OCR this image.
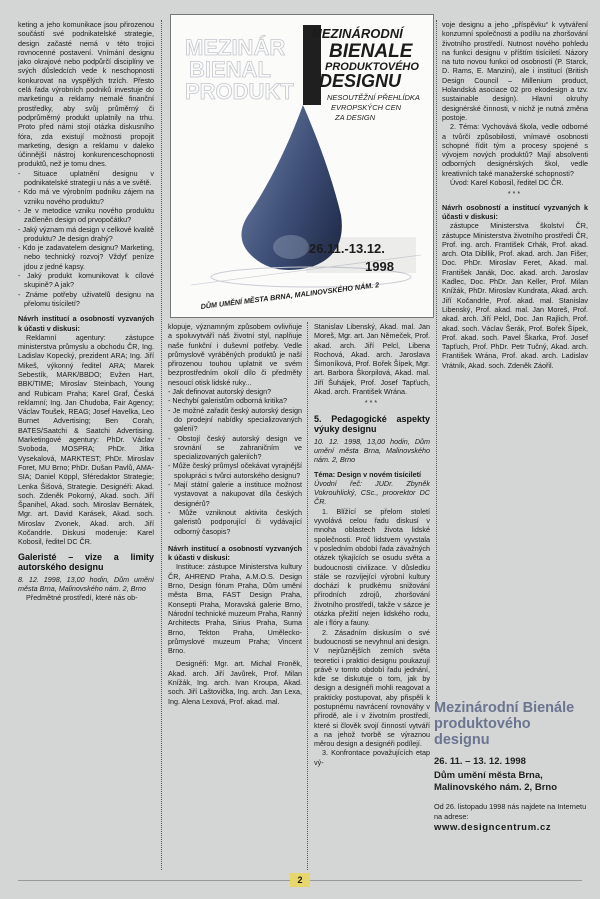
keting a jeho komunikace jsou přirozenou součástí své podnikatelské strategie, design začasté nemá v této trojici rovnocenné postavení. Vnímání designu jako okrajové nebo podpůrčí disciplíny ve svých důsledcích vede k neschopnosti konkurovat na vyspělých trzích. Přesto celá řada výrobních podniků investuje do marketingu a reklamy nemalé finanční prostředky, aby svůj průměrný či podprůměrný produkt uplatnily na trhu. Proto před námi stojí otázka diskusního fóra, zda existují možnosti propojit marketing, design a reklamu v daleko účinnější nástroj konkurenceschopnosti produktů, než je tomu dnes.

- Situace uplatnění designu v podnikatelské strategii u nás a ve světě.

- Kdo má ve výrobním podniku zájem na vzniku nového produktu?

- Je v metodice vzniku nového produktu začleněn design od prvopočátku?

- Jaký význam má design v celkové kvalitě produktu? Je design drahý?

- Kdo je zadavatelem designu? Marketing, nebo technický rozvoj? Vždyť peníze jdou z jedné kapsy.

- Jaký produkt komunikovat k cílové skupině? A jak?

- Známe potřeby uživatelů designu na přelomu tisíciletí?

Návrh institucí a osobností vyzvaných k účasti v diskusi:

Reklamní agentury: zástupce ministerstva průmyslu a obchodu ČR, Ing. Ladislav Kopecký, prezident ARA; Ing. Jiří Mikeš, výkonný ředitel ARA; Marek Sebestík, MARK/BBDO; Evžen Hart, BBK/TIME; Miroslav Steinbach, Young and Rubicam Praha; Karel Graf, Česká reklamní; Ing. Jan Chudoba, Fair Agency; Václav Toušek, REAG; Josef Havelka, Leo Burnet Advertising; Ben Corah, BATES/Saatchi & Saatchi Advertising. Marketingové agentury: PhDr. Václav Svoboda, MOSPRA; PhDr. Jitka Vysekalová, MARKTEST; PhDr. Miroslav Foret, MU Brno; PhDr. Dušan Pavlů, AMA-SIA; Daniel Köppl, Sféredaktor Strategie; Lenka Šišová, Strategie. Designéři: Akad. soch. Zdeněk Pokorný, Akad. soch. Jiří Španihel, Akad. soch. Miroslav Bernátek, Mgr. art. David Karásek, Akad. soch. Miroslav Zvonek, Akad. arch. Jiří Kočandrle. Diskusi moderuje: Karel Kobosil, ředitel DC ČR.

Galeristé – vize a limity autorského designu

8. 12. 1998, 13,00 hodin, Dům umění města Brna, Malinovského nám. 2, Brno

Předmětné prostředí, které nás ob-

MEZINÁR
BIENAL
PRODUKT
MEZINÁRODNÍ
BIENALE
PRODUKTOVÉHO
DESIGNU
NESOUTĚŽNÍ PŘEHLÍDKA
EVROPSKÝCH CEN
ZA DESIGN
26.11.-13.12.
1998
DŮM UMĚNÍ MĚSTA BRNA, MALINOVSKÉHO NÁM. 2

klopuje, významným způsobem ovlivňuje a spoluvytváří náš životní styl, naplňuje naše funkční i duševní potřeby. Vedle průmyslově vyráběných produktů je naší přirozenou touhou uplatnit ve svém bezprostředním okolí dílo či předměty nesoucí otisk lidské ruky...

- Jak definovat autorský design?

- Nechybí galeristům odborná kritika?

- Je možné zařadit český autorský design do prodejní nabídky specializovaných galerií?

- Obstojí český autorský design ve srovnání se zahraničním ve specializovaných galeriích?

- Může český průmysl očekávat vyrajnější spolupráci s tvůrci autorského designu?

- Mají státní galerie a instituce možnost vystavovat a nakupovat díla českých designérů?

- Může vzniknout aktivita českých galeristů podporující či vydávající odborný časopis?

Návrh institucí a osobností vyzvaných k účasti v diskusi:

Instituce: zástupce Ministerstva kultury ČR, AHREND Praha, A.M.O.S. Design Brno, Design fórum Praha, Dům umění města Brna, FAST Design Praha, Konsepti Praha, Moravská galerie Brno, Národní technické muzeum Praha, Ranný Architects Praha, Sirius Praha, Suma Brno, Tekton Praha, Uměleckoprůmyslové muzeum Praha; Vincent Brno.

Designéři: Mgr. art. Michal Froněk, Akad. arch. Jiří Javůrek, Prof. Milan Knížák, Ing. arch. Ivan Kroupa, Akad. soch. Jiří Laštovička, Ing. arch. Jan Lexa, Ing. Alena Lexová, Prof. akad. mal.

Stanislav Libenský, Akad. mal. Jan Moreš, Mgr. art. Jan Němeček, Prof. akad. arch. Jiří Pelcl, Libena Rochová, Akad. arch. Jaroslava Šimoníková, Prof. Bořek Šípek, Mgr. art. Barbora Škorpilová, Akad. mal. Jiří Šuhájek, Prof. Josef Tapťuch, Akad. arch. František Wrána.

***
5. Pedagogické aspekty výuky designu

10. 12. 1998, 13,00 hodin, Dům umění města Brna, Malinovského nám. 2, Brno

Téma: Design v novém tisíciletí

Úvodní řeč: JUDr. Zbyněk Vokrouhlický, CSc., proorektor DC ČR.

1. Blížící se přelom století vyvolává celou řadu diskusí v mnoha oblastech života lidské společnosti. Proč lidstvem vyvstala v posledním období řada závažných otázek týkajících se osudu světa a budoucnosti civilizace. V důsledku stále se rozvíjející výrobní kultury dochází k prudkému snižování přírodních zdrojů, zhoršování životního prostředí, takže v sázce je otázka přežití nejen lidského rodu, ale i flóry a fauny.

2. Zásadním diskusím o své budoucnosti se nevyhnul ani design. V nejrůznějších zemích světa teoretici i praktici designu poukazují právě v tomto období řadu jednání, kde se diskutuje o tom, jak by design a designéři mohli reagovat a prakticky postupovat, aby přispěli k postupnému navrácení rovnováhy v přírodě, ale i v životním prostředí, které si člověk svojí činností vytváří a na jehož tvorbě se výraznou měrou design a designéři podílejí.

3. Konfrontace považujících etap vý-

voje designu a jeho „příspěvku“ k vytváření konzumní společnosti a podílu na zhoršování životního prostředí. Nutnost nového pohledu na funkci designu v příštím tisíciletí. Názory na tuto novou funkci od osobností (P. Starck, D. Rams, E. Manzini), ale i institucí (British Design Council – Millenium product, Holandská asociace 02 pro ekodesign a tzv. sustainable design). Hlavní okruhy designérské činnosti, v nichž je nutná změna postoje.

2. Téma: Vychovává škola, vedle odborné a tvůrčí způsobilosti, vnímavé osobnosti schopné řídit tým a procesy spojené s vývojem nových produktů? Mají absolventi odborných designérských škol, vedle kreativních také manažerské schopnosti?

Úvod: Karel Kobosil, ředitel DC ČR.

***

Návrh osobností a institucí vyzvaných k účasti v diskusi:

zástupce Ministerstva školství ČR, zástupce Ministerstva životního prostředí ČR, Prof. ing. arch. František Crhák, Prof. akad. arch. Ota Dibllik, Prof. akad. arch. Jan Fišer, Doc. PhDr. Miroslav Feret, Akad. mal. František Janák, Doc. akad. arch. Jaroslav Kadlec, Doc. PhDr. Jan Keller, Prof. Milan Knížák, PhDr. Miroslav Kundrata, Akad. arch. Jiří Kočandrle, Prof. akad. mal. Stanislav Libenský, Prof. akad. mal. Jan Moreš, Prof. akad. arch. Jiří Pelcl, Doc. Jan Rajlich, Prof. akad. soch. Václav Šerák, Prof. Bořek Šípek, Prof. akad. soch. Pavel Škarka, Prof. Josef Tapťuch, Prof. PhDr. Petr Tučný, Akad. arch. František Wrána, Prof. akad. arch. Ladislav Vrátník, Akad. soch. Zdeněk Záořil.

Mezinárodní Bienále produktového designu
26. 11. – 13. 12. 1998
Dům umění města Brna, Malinovského nám. 2, Brno
Od 26. listopadu 1998 nás najdete na Internetu na adrese:
www.designcentrum.cz
2
